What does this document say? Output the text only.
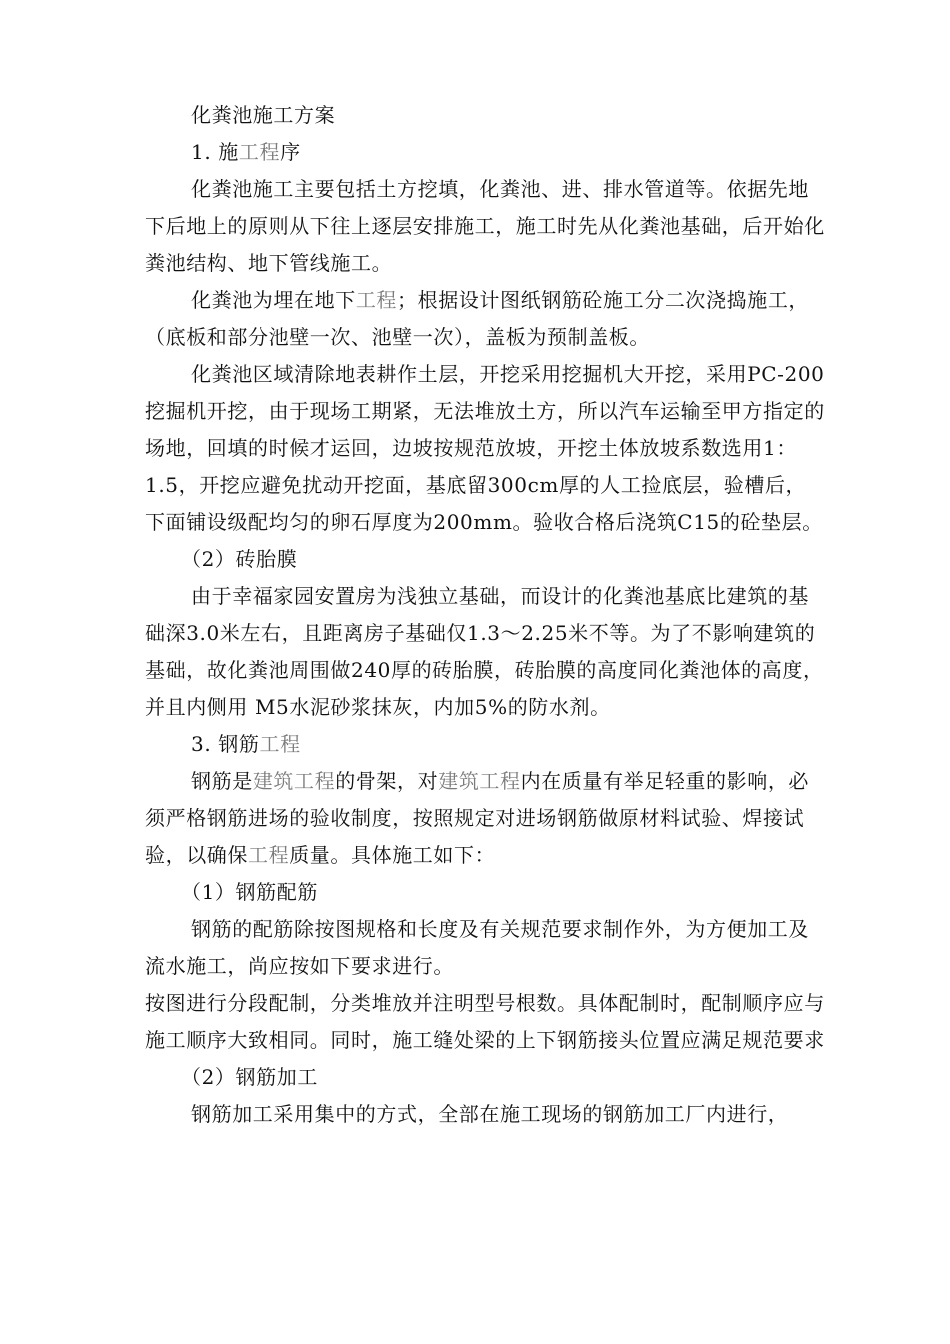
化粪池施工方案

1. 施工程序

化粪池施工主要包括土方挖填，化粪池、进、排水管道等。依据先地下后地上的原则从下往上逐层安排施工，施工时先从化粪池基础，后开始化粪池结构、地下管线施工。

化粪池为埋在地下工程；根据设计图纸钢筋砼施工分二次浇捣施工，（底板和部分池壁一次、池壁一次），盖板为预制盖板。

化粪池区域清除地表耕作土层，开挖采用挖掘机大开挖，采用PC-200挖掘机开挖，由于现场工期紧，无法堆放土方，所以汽车运输至甲方指定的场地，回填的时候才运回，边坡按规范放坡，开挖土体放坡系数选用1：1.5，开挖应避免扰动开挖面，基底留300cm厚的人工捡底层，验槽后，下面铺设级配均匀的卵石厚度为200mm。验收合格后浇筑C15的砼垫层。

（2）砖胎膜

由于幸福家园安置房为浅独立基础，而设计的化粪池基底比建筑的基础深3.0米左右，且距离房子基础仅1.3～2.25米不等。为了不影响建筑的基础，故化粪池周围做240厚的砖胎膜，砖胎膜的高度同化粪池体的高度，并且内侧用 M5水泥砂浆抹灰，内加5%的防水剂。

3. 钢筋工程

钢筋是建筑工程的骨架，对建筑工程内在质量有举足轻重的影响，必须严格钢筋进场的验收制度，按照规定对进场钢筋做原材料试验、焊接试验，以确保工程质量。具体施工如下：

（1）钢筋配筋

钢筋的配筋除按图规格和长度及有关规范要求制作外，为方便加工及流水施工，尚应按如下要求进行。

按图进行分段配制，分类堆放并注明型号根数。具体配制时，配制顺序应与施工顺序大致相同。同时，施工缝处梁的上下钢筋接头位置应满足规范要求

（2）钢筋加工

钢筋加工采用集中的方式，全部在施工现场的钢筋加工厂内进行，
